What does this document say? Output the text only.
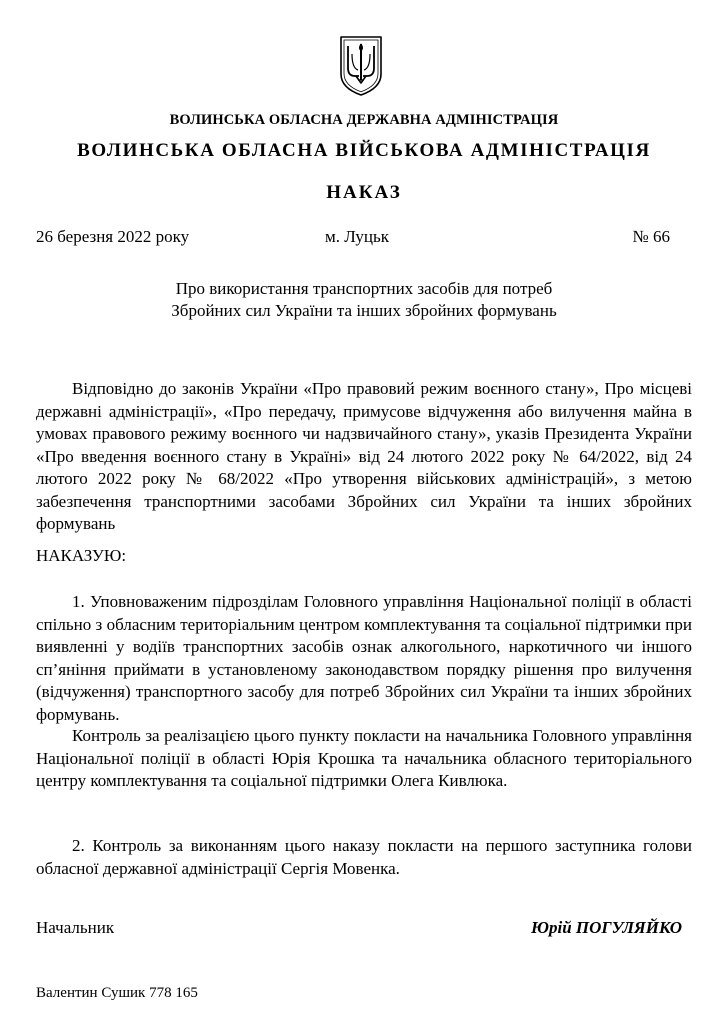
ВОЛИНСЬКА ОБЛАСНА ДЕРЖАВНА АДМІНІСТРАЦІЯ
ВОЛИНСЬКА ОБЛАСНА ВІЙСЬКОВА АДМІНІСТРАЦІЯ
НАКАЗ
26 березня 2022 року	м. Луцьк	№ 66
Про використання транспортних засобів для потреб
Збройних сил України та інших збройних формувань

Відповідно до законів України «Про правовий режим воєнного стану», Про місцеві державні адміністрації», «Про передачу, примусове відчуження або вилучення майна в умовах правового режиму воєнного чи надзвичайного стану», указів Президента України «Про введення воєнного стану в Україні» від 24 лютого 2022 року № 64/2022, від 24 лютого 2022 року № 68/2022 «Про утворення військових адміністрацій», з метою забезпечення транспортними засобами Збройних сил України та інших збройних формувань

НАКАЗУЮ:

1. Уповноваженим підрозділам Головного управління Національної поліції в області спільно з обласним територіальним центром комплектування та соціальної підтримки при виявленні у водіїв транспортних засобів ознак алкогольного, наркотичного чи іншого сп’яніння приймати в установленому законодавством порядку рішення про вилучення (відчуження) транспортного засобу для потреб Збройних сил України та інших збройних формувань.

Контроль за реалізацією цього пункту покласти на начальника Головного управління Національної поліції в області Юрія Крошка та начальника обласного територіального центру комплектування та соціальної підтримки Олега Кивлюка.

2. Контроль за виконанням цього наказу покласти на першого заступника голови обласної державної адміністрації Сергія Мовенка.

Начальник	Юрій ПОГУЛЯЙКО
Валентин Сушик 778 165
